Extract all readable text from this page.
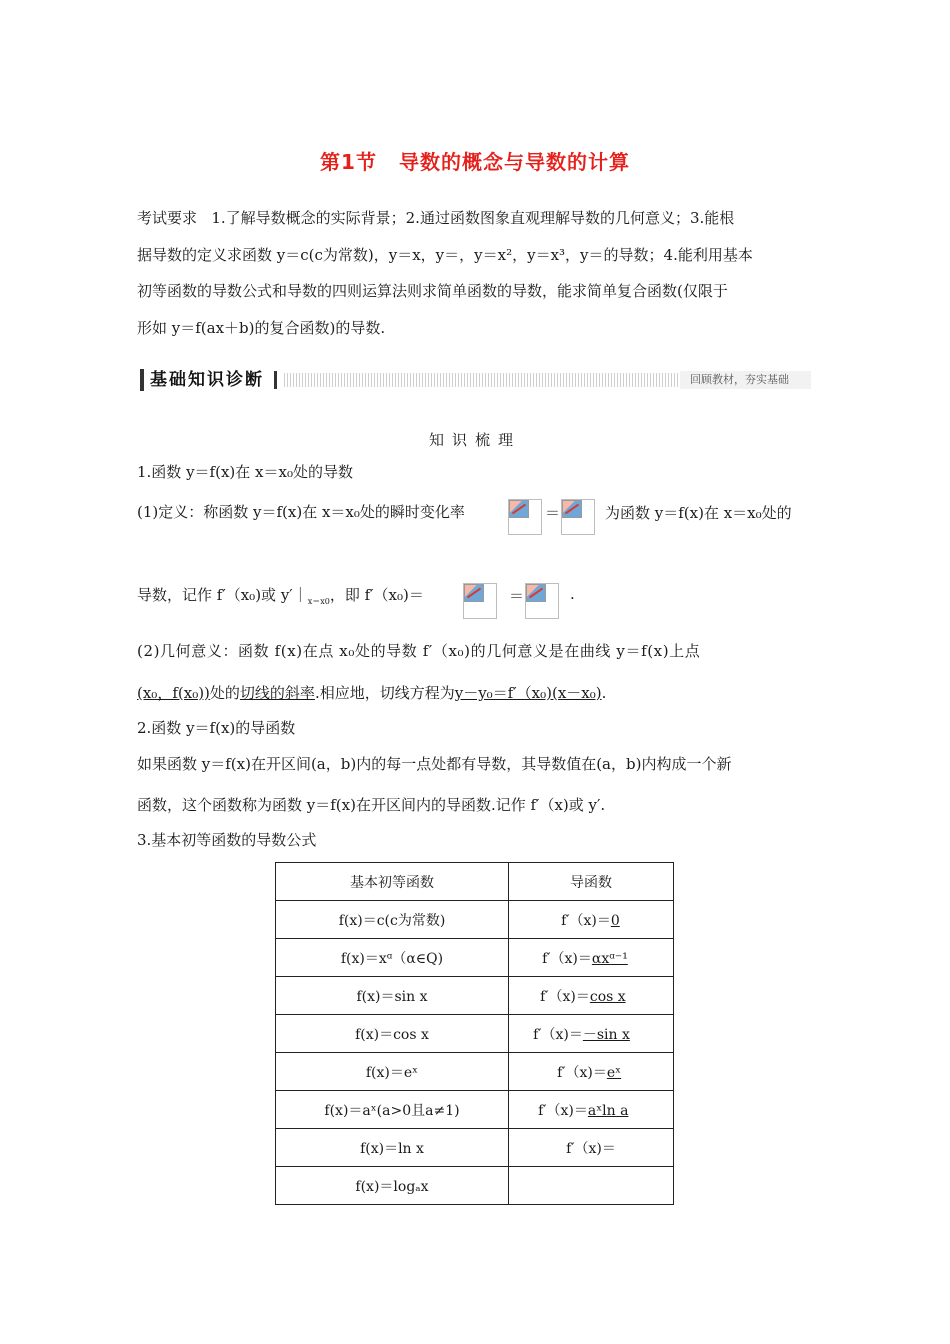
第1节 导数的概念与导数的计算
考试要求 1.了解导数概念的实际背景；2.通过函数图象直观理解导数的几何意义；3.能根
据导数的定义求函数 y＝c(c为常数)，y＝x，y＝，y＝x²，y＝x³，y＝的导数；4.能利用基本
初等函数的导数公式和导数的四则运算法则求简单函数的导数，能求简单复合函数(仅限于
形如 y＝f(ax＋b)的复合函数)的导数.
基础知识诊断	回顾教材，夯实基础
知识梳理
1.函数 y＝f(x)在 x＝x₀处的导数
(1)定义：称函数 y＝f(x)在 x＝x₀处的瞬时变化率	＝	为函数 y＝f(x)在 x＝x₀处的
导数，记作 f′（x₀)或 $y'|_{x=x0}$，即 f′（x₀)＝	＝	.
(2)几何意义：函数 f(x)在点 x₀处的导数 f′（x₀)的几何意义是在曲线 y＝f(x)上点
(x₀，f(x₀))处的切线的斜率.相应地，切线方程为y－y₀＝f′（x₀)(x－x₀).
2.函数 y＝f(x)的导函数
如果函数 y＝f(x)在开区间(a，b)内的每一点处都有导数，其导数值在(a，b)内构成一个新
函数，这个函数称为函数 y＝f(x)在开区间内的导函数.记作 f′（x)或 y′.
3.基本初等函数的导数公式
基本初等函数	导函数
f(x)＝c(c为常数)	f′（x)＝0
f(x)＝xᵅ（α∈Q)	f′（x)＝αxᵅ⁻¹
f(x)＝sin x	f′（x)＝cos x
f(x)＝cos x	f′（x)＝－sin x
f(x)＝eˣ	f′（x)＝eˣ
f(x)＝aˣ(a>0且a≠1)	f′（x)＝aˣln a
f(x)＝ln x	f′（x)＝
f(x)＝logₐx	
